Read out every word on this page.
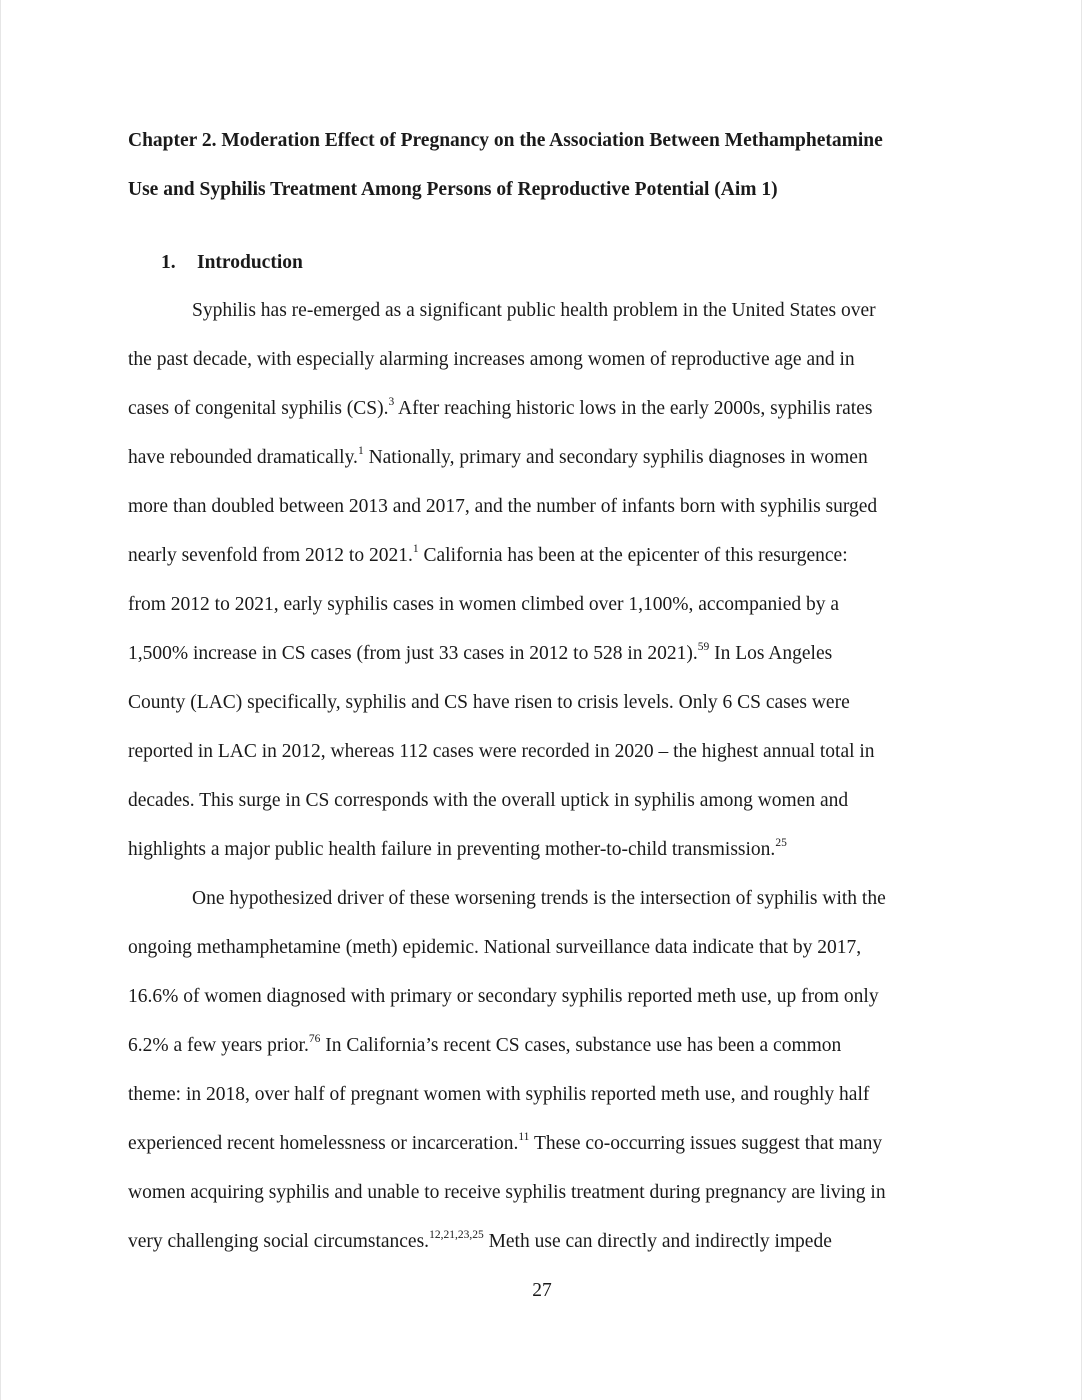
Chapter 2. Moderation Effect of Pregnancy on the Association Between Methamphetamine
Use and Syphilis Treatment Among Persons of Reproductive Potential (Aim 1)
1. Introduction
Syphilis has re-emerged as a significant public health problem in the United States over
the past decade, with especially alarming increases among women of reproductive age and in
cases of congenital syphilis (CS).$^3$ After reaching historic lows in the early 2000s, syphilis rates
have rebounded dramatically.$^1$ Nationally, primary and secondary syphilis diagnoses in women
more than doubled between 2013 and 2017, and the number of infants born with syphilis surged
nearly sevenfold from 2012 to 2021.$^1$ California has been at the epicenter of this resurgence:
from 2012 to 2021, early syphilis cases in women climbed over 1,100%, accompanied by a
1,500% increase in CS cases (from just 33 cases in 2012 to 528 in 2021).$^{59}$ In Los Angeles
County (LAC) specifically, syphilis and CS have risen to crisis levels. Only 6 CS cases were
reported in LAC in 2012, whereas 112 cases were recorded in 2020 – the highest annual total in
decades. This surge in CS corresponds with the overall uptick in syphilis among women and
highlights a major public health failure in preventing mother-to-child transmission.$^{25}$
One hypothesized driver of these worsening trends is the intersection of syphilis with the
ongoing methamphetamine (meth) epidemic. National surveillance data indicate that by 2017,
16.6% of women diagnosed with primary or secondary syphilis reported meth use, up from only
6.2% a few years prior.$^{76}$ In California’s recent CS cases, substance use has been a common
theme: in 2018, over half of pregnant women with syphilis reported meth use, and roughly half
experienced recent homelessness or incarceration.$^{11}$ These co-occurring issues suggest that many
women acquiring syphilis and unable to receive syphilis treatment during pregnancy are living in
very challenging social circumstances.$^{12,21,23,25}$ Meth use can directly and indirectly impede
27
